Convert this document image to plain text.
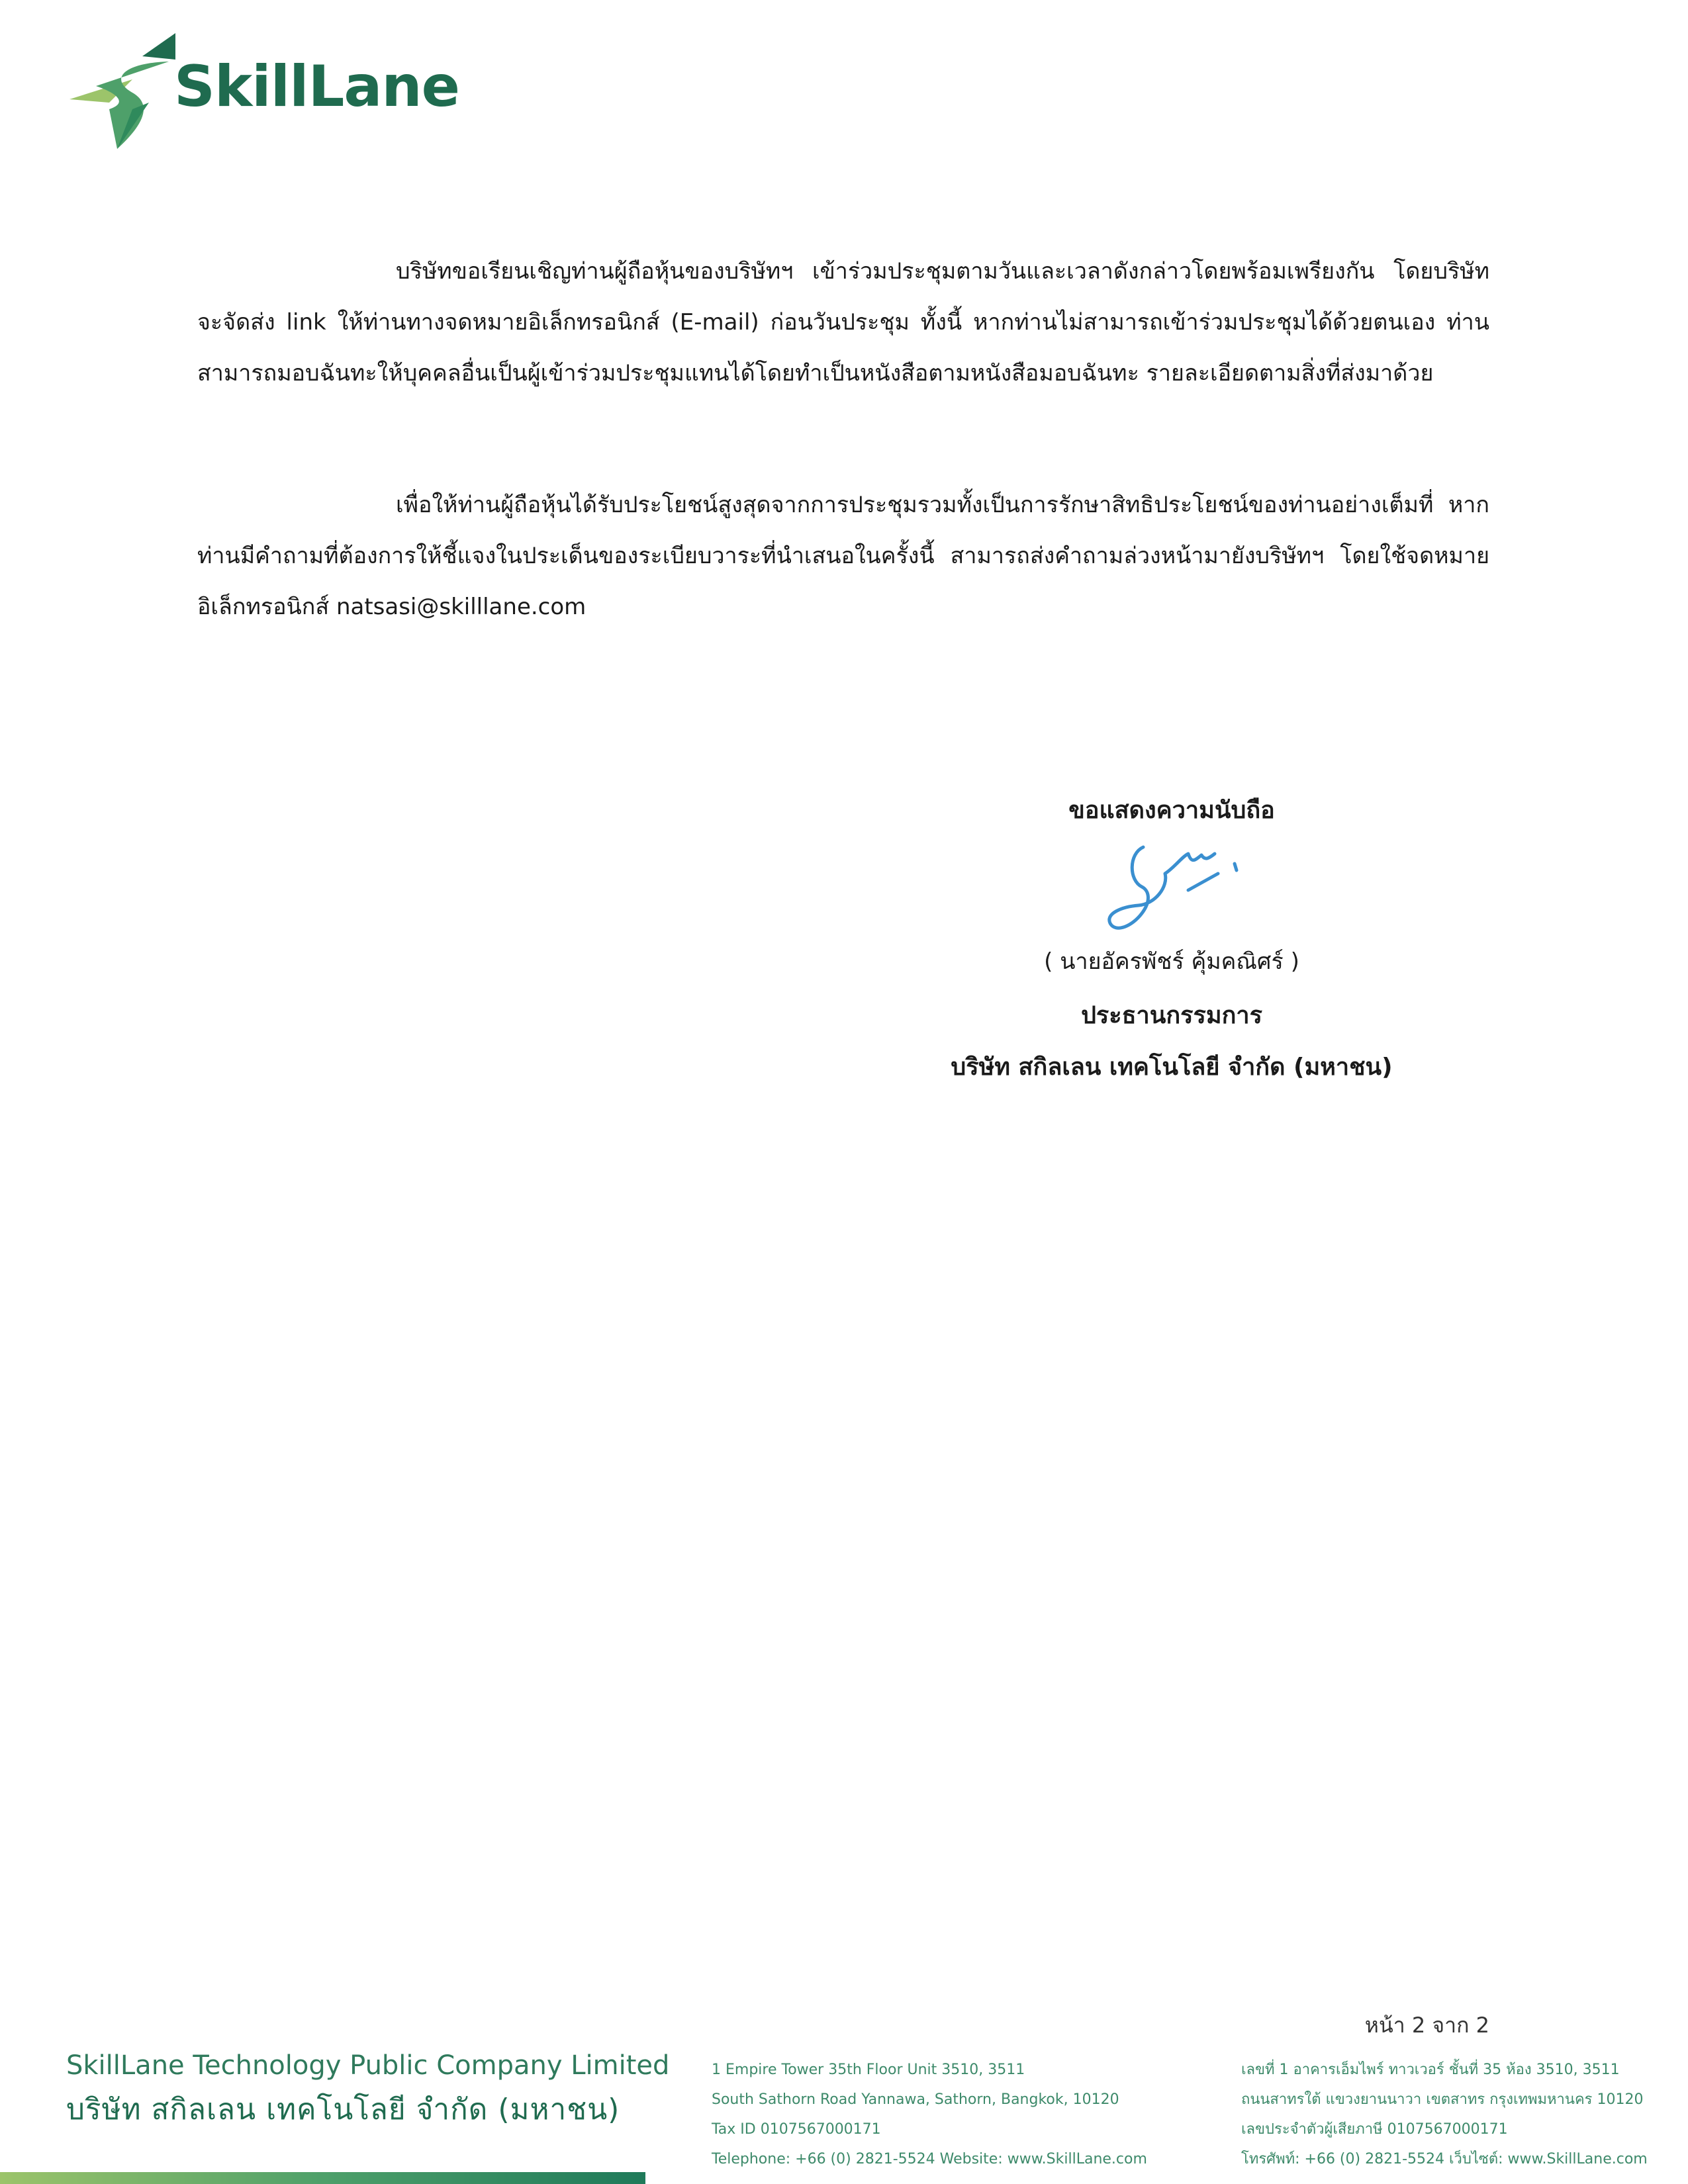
SkillLane

บริษัทขอเรียนเชิญท่านผู้ถือหุ้นของบริษัทฯ เข้าร่วมประชุมตามวันและเวลาดังกล่าวโดยพร้อมเพรียงกัน โดยบริษัทจะจัดส่ง link ให้ท่านทางจดหมายอิเล็กทรอนิกส์ (E-mail) ก่อนวันประชุม ทั้งนี้ หากท่านไม่สามารถเข้าร่วมประชุมได้ด้วยตนเอง ท่านสามารถมอบฉันทะให้บุคคลอื่นเป็นผู้เข้าร่วมประชุมแทนได้โดยทำเป็นหนังสือตามหนังสือมอบฉันทะ รายละเอียดตามสิ่งที่ส่งมาด้วย

เพื่อให้ท่านผู้ถือหุ้นได้รับประโยชน์สูงสุดจากการประชุมรวมทั้งเป็นการรักษาสิทธิประโยชน์ของท่านอย่างเต็มที่ หากท่านมีคำถามที่ต้องการให้ชี้แจงในประเด็นของระเบียบวาระที่นำเสนอในครั้งนี้ สามารถส่งคำถามล่วงหน้ามายังบริษัทฯ โดยใช้จดหมายอิเล็กทรอนิกส์ natsasi@skilllane.com

ขอแสดงความนับถือ
( นายอัครพัชร์ คุ้มคณิศร์ )
ประธานกรรมการ
บริษัท สกิลเลน เทคโนโลยี จำกัด (มหาชน)
หน้า 2 จาก 2
SkillLane Technology Public Company Limited
บริษัท สกิลเลน เทคโนโลยี จำกัด (มหาชน)
1 Empire Tower 35th Floor Unit 3510, 3511
South Sathorn Road Yannawa, Sathorn, Bangkok, 10120
Tax ID 0107567000171
Telephone: +66 (0) 2821-5524 Website: www.SkillLane.com
เลขที่ 1 อาคารเอ็มไพร์ ทาวเวอร์ ชั้นที่ 35 ห้อง 3510, 3511
ถนนสาทรใต้ แขวงยานนาวา เขตสาทร กรุงเทพมหานคร 10120
เลขประจำตัวผู้เสียภาษี 0107567000171
โทรศัพท์: +66 (0) 2821-5524 เว็บไซต์: www.SkillLane.com
